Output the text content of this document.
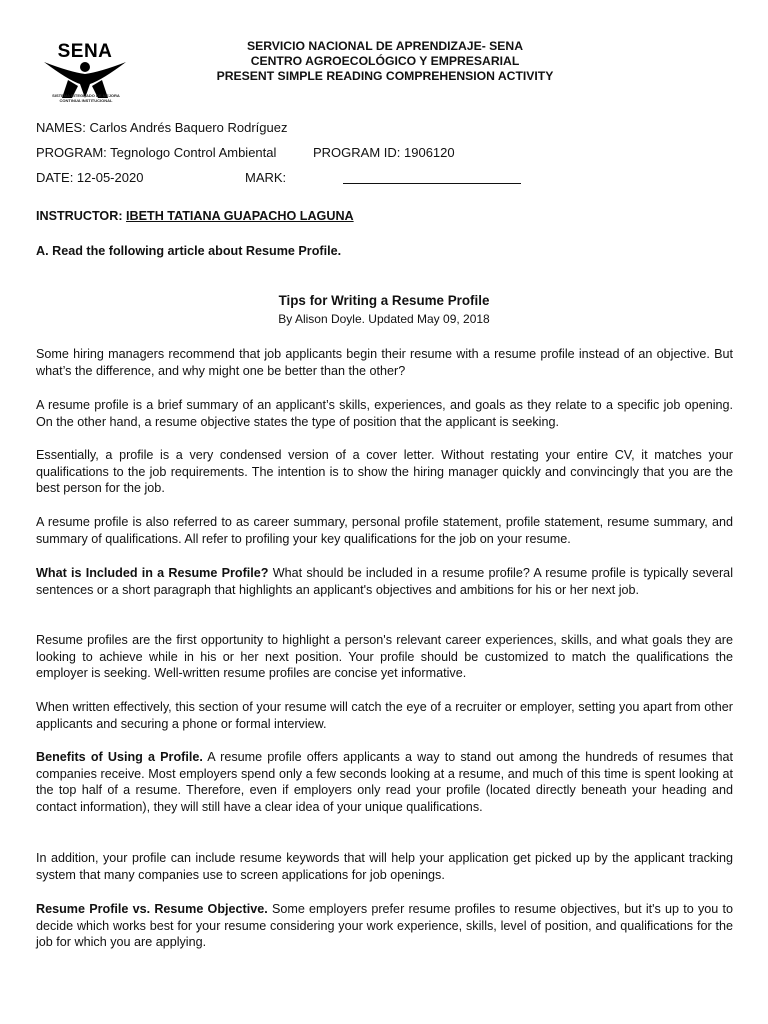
SENA
SISTEMA INTEGRADO DE MEJORA CONTINUA INSTITUCIONAL
SERVICIO NACIONAL DE APRENDIZAJE- SENA
CENTRO AGROECOLÓGICO Y EMPRESARIAL
PRESENT SIMPLE READING COMPREHENSION ACTIVITY
NAMES: Carlos Andrés Baquero Rodríguez
PROGRAM: Tegnologo Control Ambiental	PROGRAM ID: 1906120
DATE: 12-05-2020	MARK:
INSTRUCTOR: IBETH TATIANA GUAPACHO LAGUNA
A. Read the following article about Resume Profile.
Tips for Writing a Resume Profile
By Alison Doyle. Updated May 09, 2018

Some hiring managers recommend that job applicants begin their resume with a resume profile instead of an objective. But what’s the difference, and why might one be better than the other?

A resume profile is a brief summary of an applicant’s skills, experiences, and goals as they relate to a specific job opening. On the other hand, a resume objective states the type of position that the applicant is seeking.

Essentially, a profile is a very condensed version of a cover letter. Without restating your entire CV, it matches your qualifications to the job requirements. The intention is to show the hiring manager quickly and convincingly that you are the best person for the job.

A resume profile is also referred to as career summary, personal profile statement, profile statement, resume summary, and summary of qualifications. All refer to profiling your key qualifications for the job on your resume.

What is Included in a Resume Profile? What should be included in a resume profile? A resume profile is typically several sentences or a short paragraph that highlights an applicant's objectives and ambitions for his or her next job.

Resume profiles are the first opportunity to highlight a person's relevant career experiences, skills, and what goals they are looking to achieve while in his or her next position. Your profile should be customized to match the qualifications the employer is seeking. Well-written resume profiles are concise yet informative.

When written effectively, this section of your resume will catch the eye of a recruiter or employer, setting you apart from other applicants and securing a phone or formal interview.

Benefits of Using a Profile. A resume profile offers applicants a way to stand out among the hundreds of resumes that companies receive. Most employers spend only a few seconds looking at a resume, and much of this time is spent looking at the top half of a resume. Therefore, even if employers only read your profile (located directly beneath your heading and contact information), they will still have a clear idea of your unique qualifications.

In addition, your profile can include resume keywords that will help your application get picked up by the applicant tracking system that many companies use to screen applications for job openings.

Resume Profile vs. Resume Objective. Some employers prefer resume profiles to resume objectives, but it's up to you to decide which works best for your resume considering your work experience, skills, level of position, and qualifications for the job for which you are applying.
